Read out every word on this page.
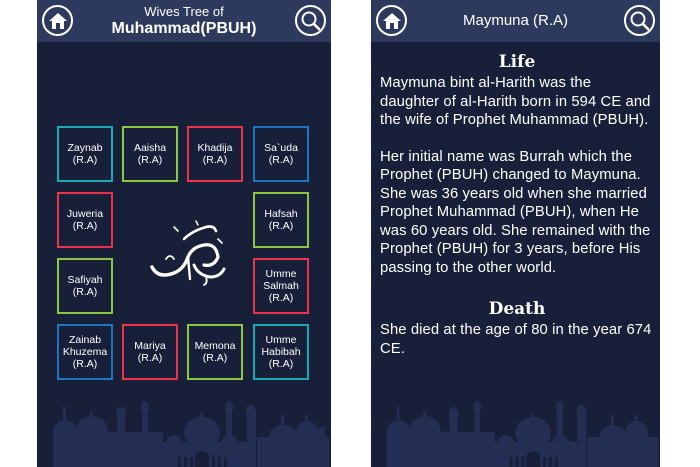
Wives Tree of
Muhammad(PBUH)
Zaynab
(R.A)
Aaisha
(R.A)
Khadija
(R.A)
Sa`uda
(R.A)
Juweria
(R.A)
Hafsah
(R.A)
Safiyah
(R.A)
Umme
Salmah
(R.A)
Zainab
Khuzema
(R.A)
Mariya
(R.A)
Memona
(R.A)
Umme
Habibah
(R.A)
Maymuna (R.A)
Life

Maymuna bint al-Harith was the daughter of al-Harith born in 594 CE and the wife of Prophet Muhammad (PBUH).

Her initial name was Burrah which the Prophet (PBUH) changed to Maymuna. She was 36 years old when she married Prophet Muhammad (PBUH), when He was 60 years old. She remained with the Prophet (PBUH) for 3 years, before His passing to the other world.

Death

She died at the age of 80 in the year 674 CE.
